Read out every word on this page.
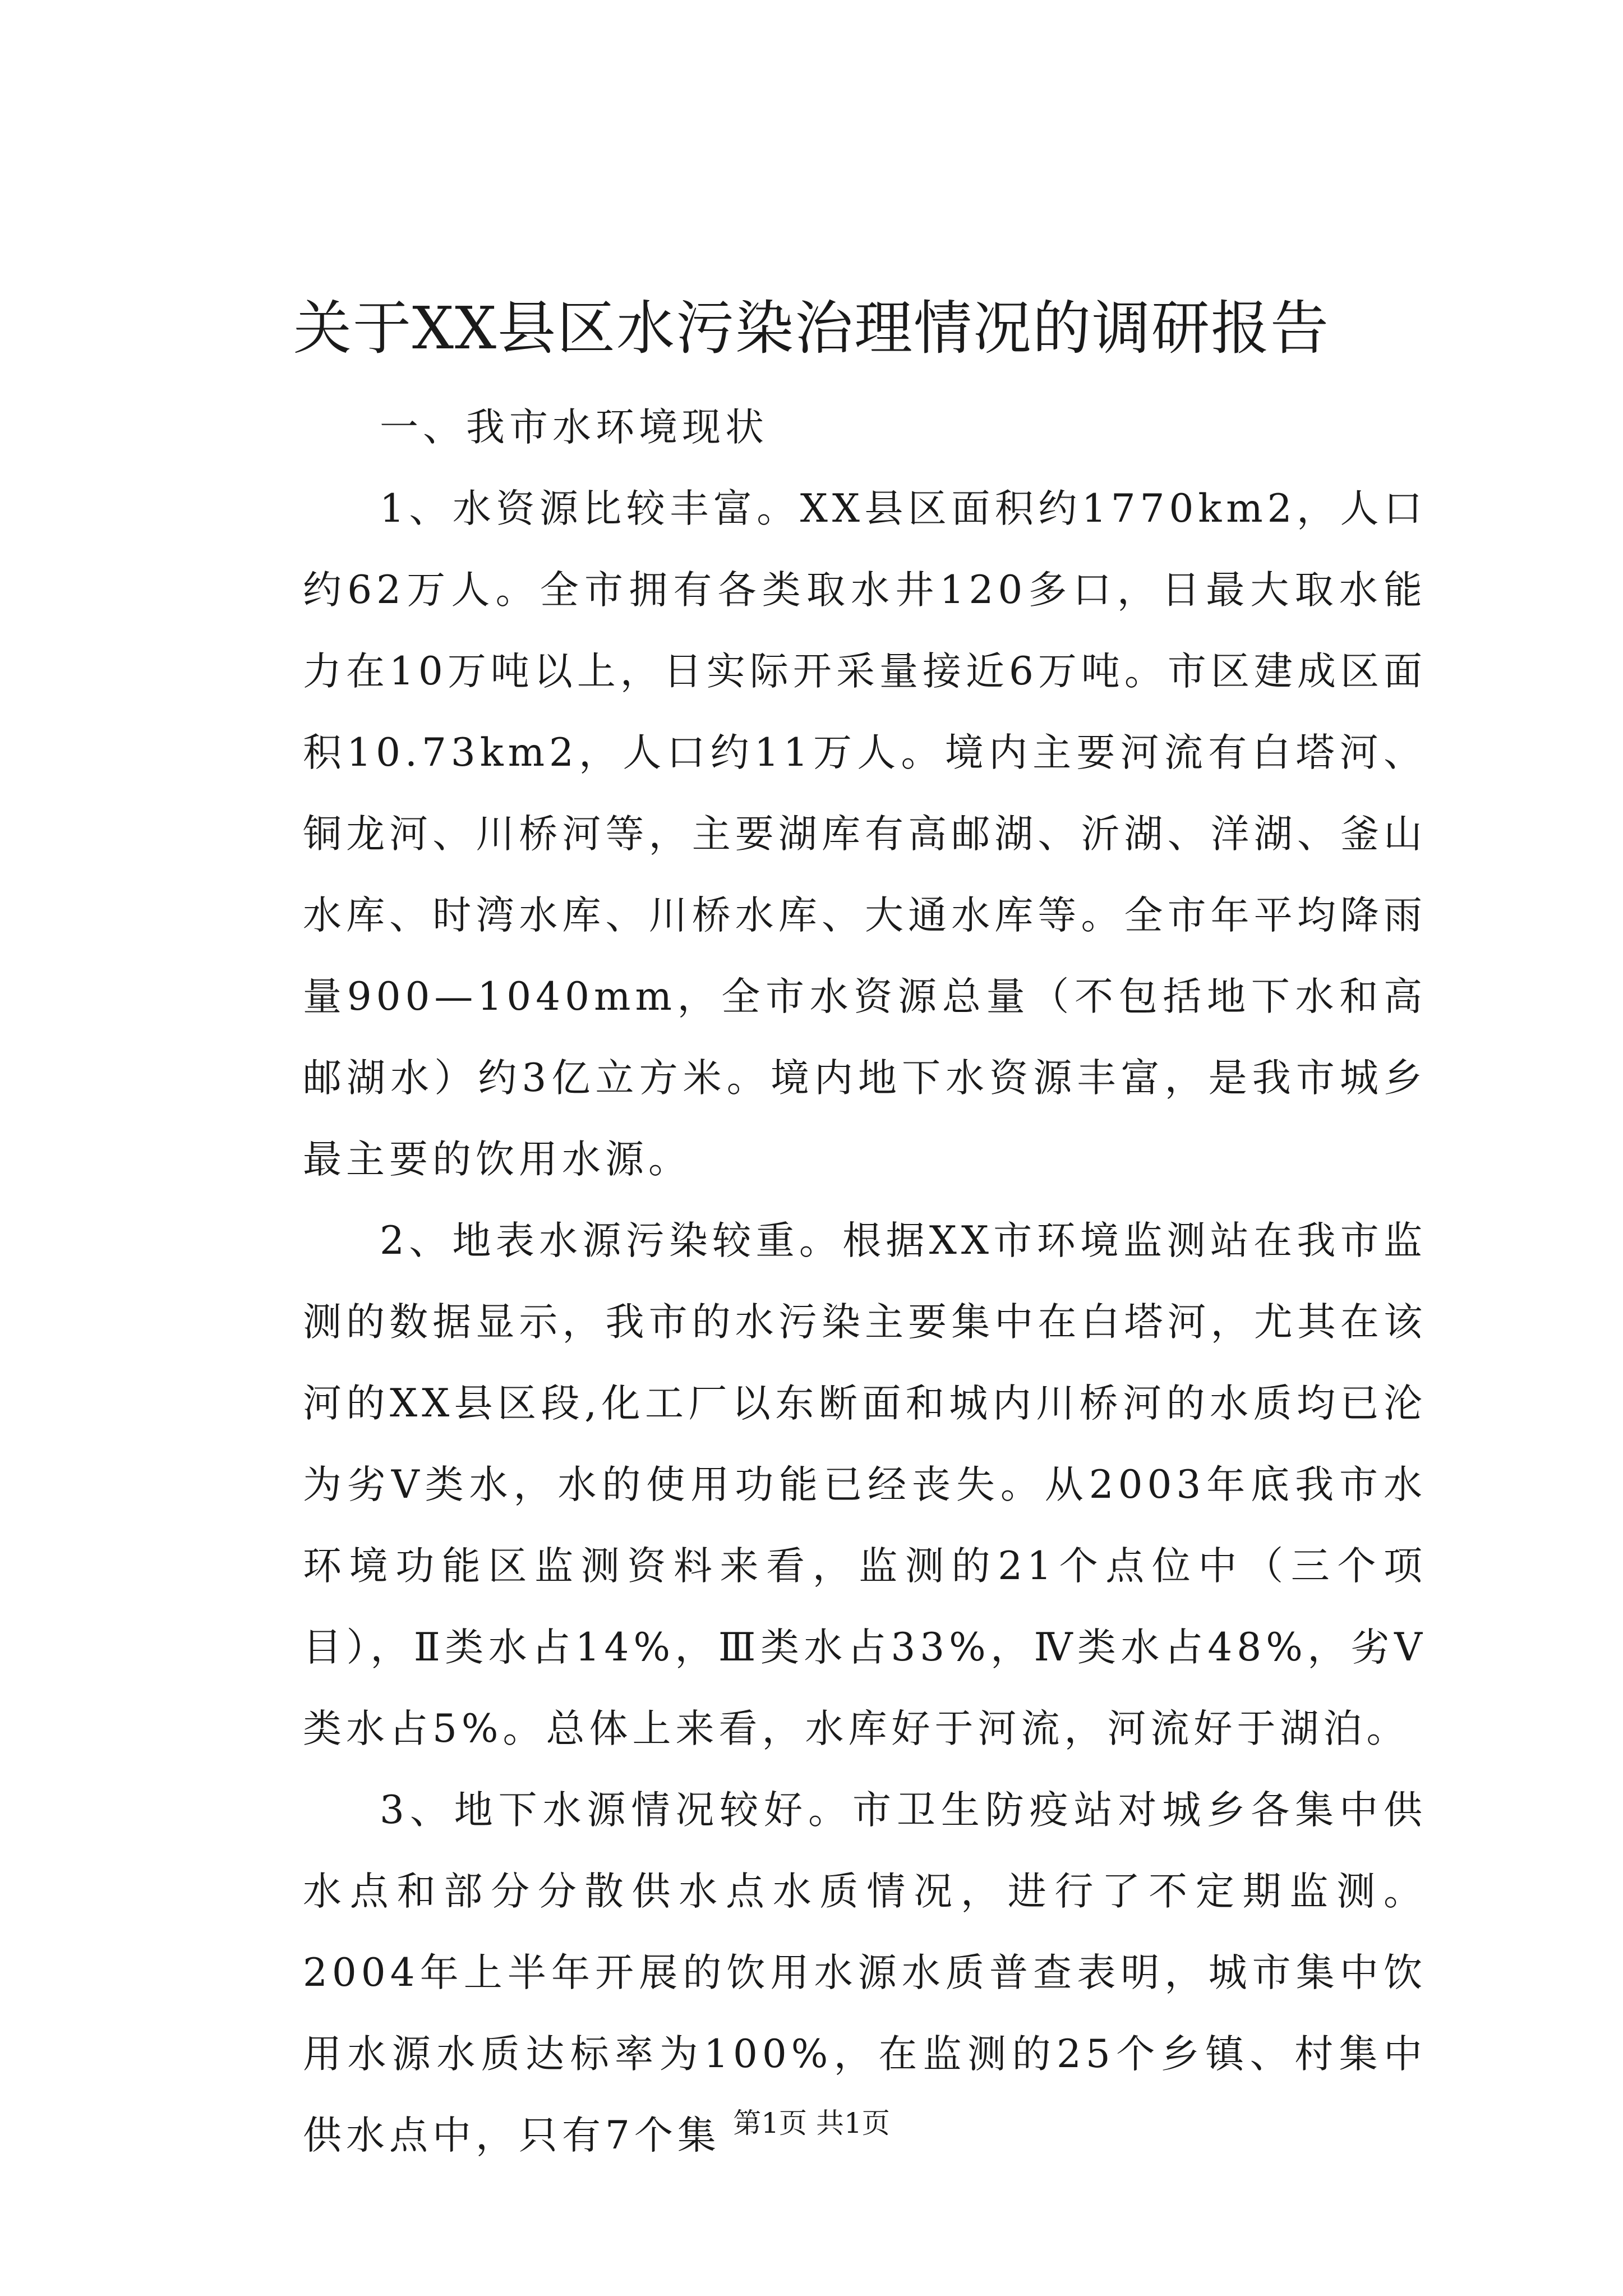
关于XX县区水污染治理情况的调研报告

一、我市水环境现状

1、水资源比较丰富。XX县区面积约1770km2，人口约62万人。全市拥有各类取水井120多口，日最大取水能力在10万吨以上，日实际开采量接近6万吨。市区建成区面积10.73km2，人口约11万人。境内主要河流有白塔河、铜龙河、川桥河等，主要湖库有高邮湖、沂湖、洋湖、釜山水库、时湾水库、川桥水库、大通水库等。全市年平均降雨量900—1040mm，全市水资源总量（不包括地下水和高邮湖水）约3亿立方米。境内地下水资源丰富，是我市城乡最主要的饮用水源。

2、地表水源污染较重。根据XX市环境监测站在我市监测的数据显示，我市的水污染主要集中在白塔河，尤其在该河的XX县区段,化工厂以东断面和城内川桥河的水质均已沦为劣V类水，水的使用功能已经丧失。从2003年底我市水环境功能区监测资料来看，监测的21个点位中（三个项目），Ⅱ类水占14%，Ⅲ类水占33%，Ⅳ类水占48%，劣Ⅴ类水占5%。总体上来看，水库好于河流，河流好于湖泊。

3、地下水源情况较好。市卫生防疫站对城乡各集中供水点和部分分散供水点水质情况，进行了不定期监测。2004年上半年开展的饮用水源水质普查表明，城市集中饮用水源水质达标率为100%，在监测的25个乡镇、村集中供水点中，只有7个集 第1页 共1页
